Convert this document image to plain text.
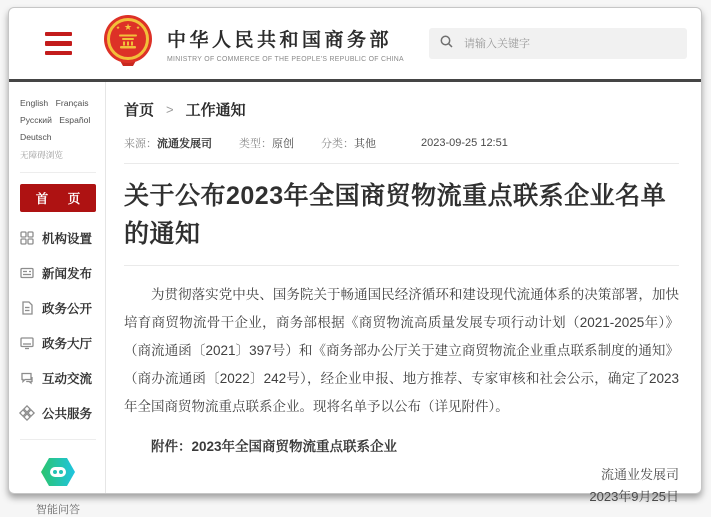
★
★	★
中华人民共和国商务部
MINISTRY OF COMMERCE OF THE PEOPLE'S REPUBLIC OF CHINA
请输入关键字
English Français Русский Español Deutsch
无障碍浏览
首 页
机构设置
新闻发布
政务公开
政务大厅
互动交流
公共服务
智能问答
首页 > 工作通知
来源：流通发展司 类型：原创 分类：其他	2023-09-25 12:51
关于公布2023年全国商贸物流重点联系企业名单的通知

为贯彻落实党中央、国务院关于畅通国民经济循环和建设现代流通体系的决策部署，加快培育商贸物流骨干企业，商务部根据《商贸物流高质量发展专项行动计划（2021-2025年）》（商流通函〔2021〕397号）和《商务部办公厅关于建立商贸物流企业重点联系制度的通知》（商办流通函〔2022〕242号），经企业申报、地方推荐、专家审核和社会公示，确定了2023年全国商贸物流重点联系企业。现将名单予以公布（详见附件）。

附件：2023年全国商贸物流重点联系企业
流通业发展司
2023年9月25日
